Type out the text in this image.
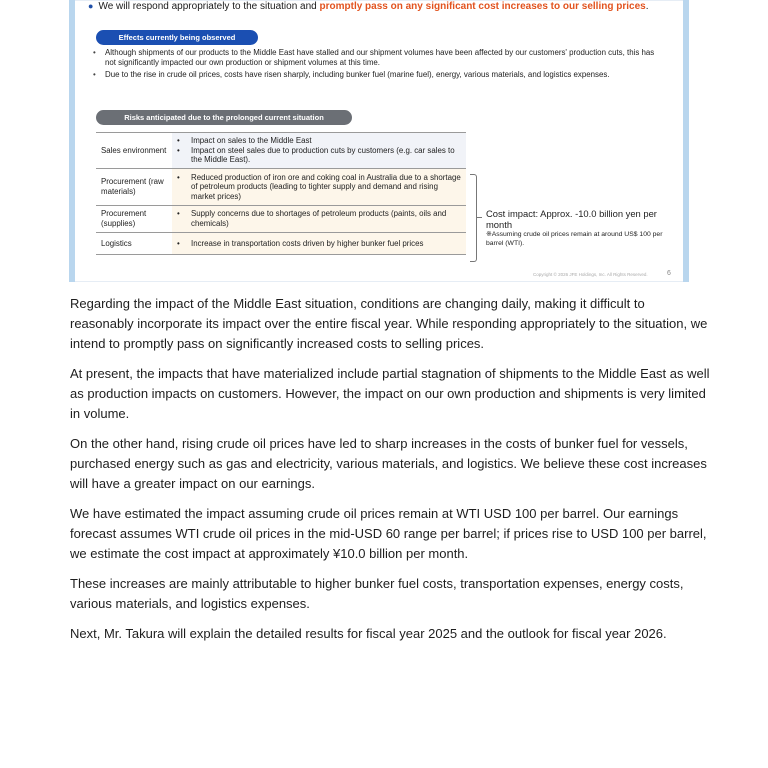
● We will respond appropriately to the situation and promptly pass on any significant cost increases to our selling prices.
Effects currently being observed
•	Although shipments of our products to the Middle East have stalled and our shipment volumes have been affected by our customers' production cuts, this has not significantly impacted our own production or shipment volumes at this time.
•	Due to the rise in crude oil prices, costs have risen sharply, including bunker fuel (marine fuel), energy, various materials, and logistics expenses.
Risks anticipated due to the prolonged current situation
Sales environment	• Impact on sales to the Middle East
• Impact on steel sales due to production cuts by customers (e.g. car sales to the Middle East).

Procurement (raw materials)	• Reduced production of iron ore and coking coal in Australia due to a shortage of petroleum products (leading to tighter supply and demand and rising market prices)

Procurement (supplies)	• Supply concerns due to shortages of petroleum products (paints, oils and chemicals)

Logistics	• Increase in transportation costs driven by higher bunker fuel prices
Cost impact: Approx. -10.0 billion yen per month
※Assuming crude oil prices remain at around US$ 100 per barrel (WTI).
Copyright © 2026 JFE Holdings, Inc. All Rights Reserved.	6

Regarding the impact of the Middle East situation, conditions are changing daily, making it difficult to reasonably incorporate its impact over the entire fiscal year. While responding appropriately to the situation, we intend to promptly pass on significantly increased costs to selling prices.

At present, the impacts that have materialized include partial stagnation of shipments to the Middle East as well as production impacts on customers. However, the impact on our own production and shipments is very limited in volume.

On the other hand, rising crude oil prices have led to sharp increases in the costs of bunker fuel for vessels, purchased energy such as gas and electricity, various materials, and logistics. We believe these cost increases will have a greater impact on our earnings.

We have estimated the impact assuming crude oil prices remain at WTI USD 100 per barrel. Our earnings forecast assumes WTI crude oil prices in the mid-USD 60 range per barrel; if prices rise to USD 100 per barrel, we estimate the cost impact at approximately ¥10.0 billion per month.

These increases are mainly attributable to higher bunker fuel costs, transportation expenses, energy costs, various materials, and logistics expenses.

Next, Mr. Takura will explain the detailed results for fiscal year 2025 and the outlook for fiscal year 2026.
